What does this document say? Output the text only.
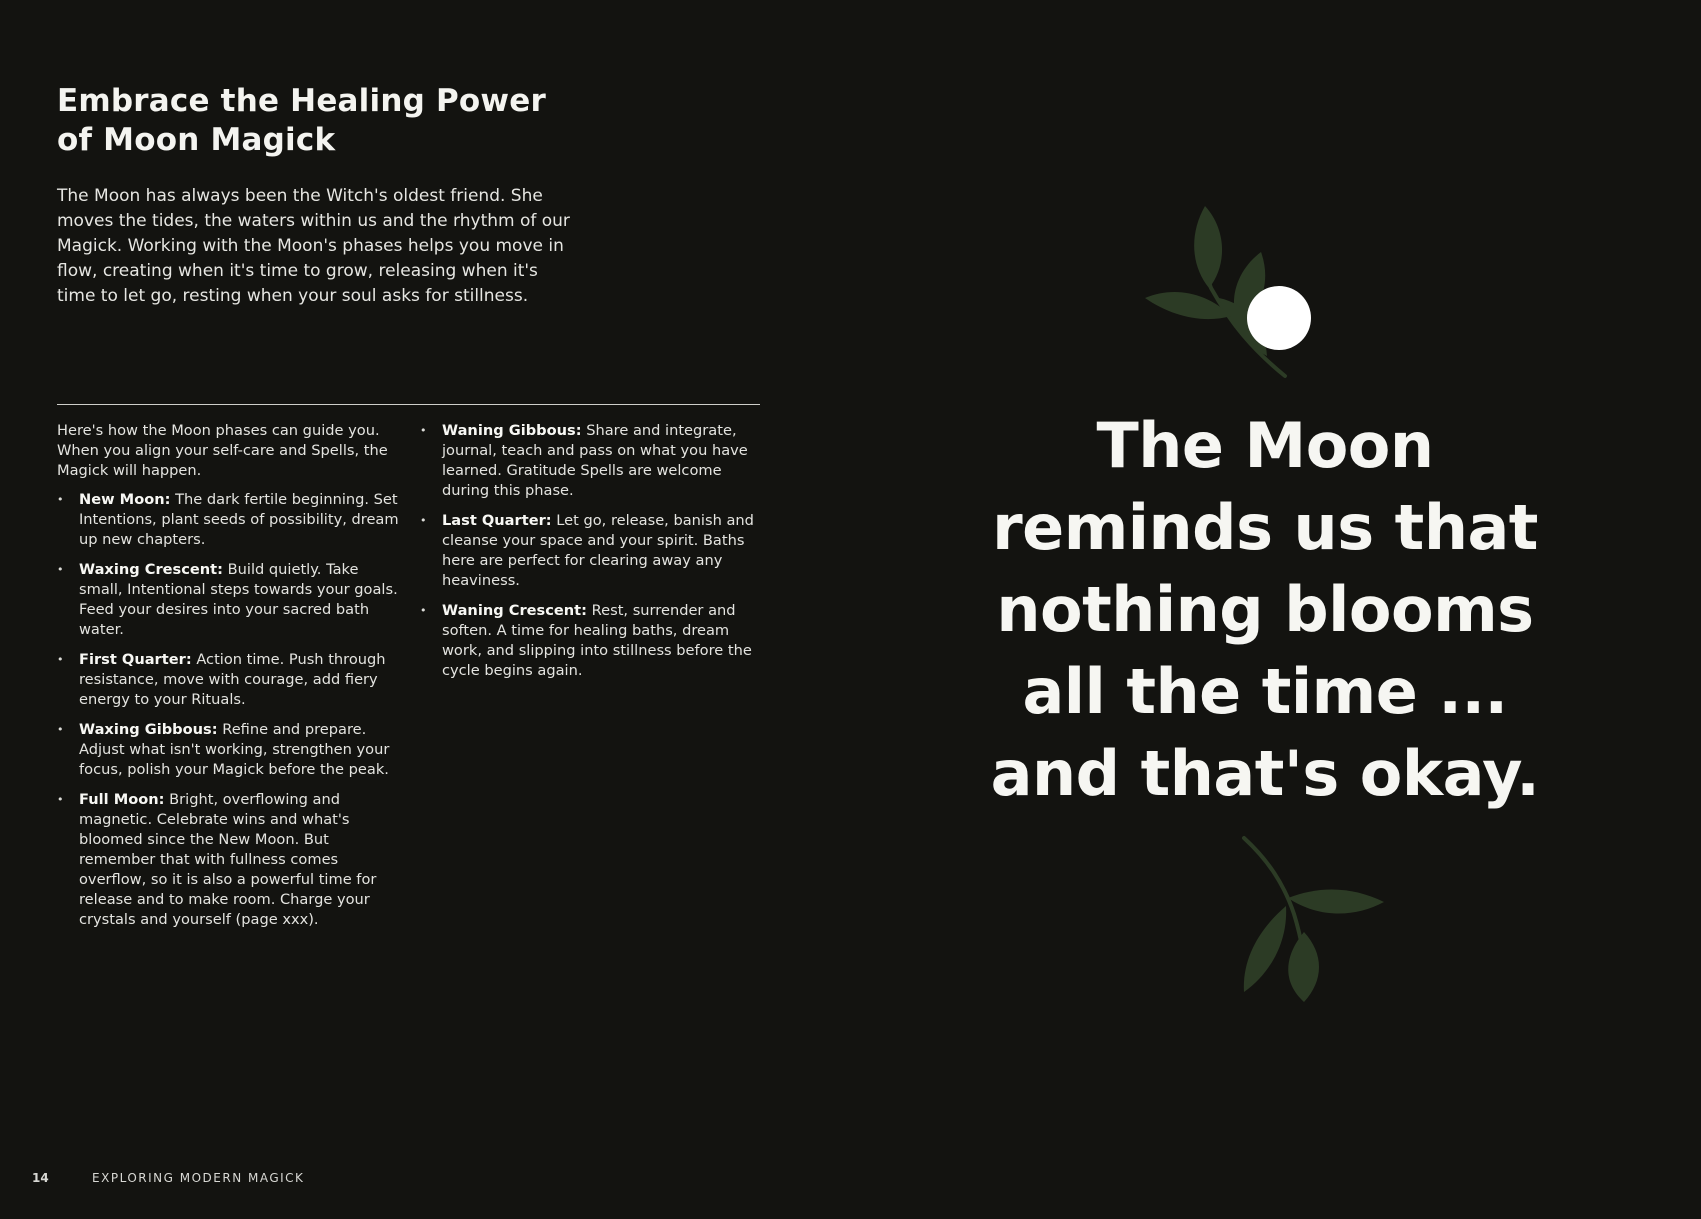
Embrace the Healing Power
of Moon Magick

The Moon has always been the Witch's oldest friend. She moves the tides, the waters within us and the rhythm of our Magick. Working with the Moon's phases helps you move in flow, creating when it's time to grow, releasing when it's time to let go, resting when your soul asks for stillness.

Here's how the Moon phases can guide you. When you align your self-care and Spells, the Magick will happen.

• New Moon: The dark fertile beginning. Set Intentions, plant seeds of possibility, dream up new chapters.
• Waxing Crescent: Build quietly. Take small, Intentional steps towards your goals. Feed your desires into your sacred bath water.
• First Quarter: Action time. Push through resistance, move with courage, add fiery energy to your Rituals.
• Waxing Gibbous: Refine and prepare. Adjust what isn't working, strengthen your focus, polish your Magick before the peak.
• Full Moon: Bright, overflowing and magnetic. Celebrate wins and what's bloomed since the New Moon. But remember that with fullness comes overflow, so it is also a powerful time for release and to make room. Charge your crystals and yourself (page xxx).
• Waning Gibbous: Share and integrate, journal, teach and pass on what you have learned. Gratitude Spells are welcome during this phase.
• Last Quarter: Let go, release, banish and cleanse your space and your spirit. Baths here are perfect for clearing away any heaviness.
• Waning Crescent: Rest, surrender and soften. A time for healing baths, dream work, and slipping into stillness before the cycle begins again.
14	EXPLORING MODERN MAGICK
The Moon
reminds us that
nothing blooms
all the time ...
and that's okay.
